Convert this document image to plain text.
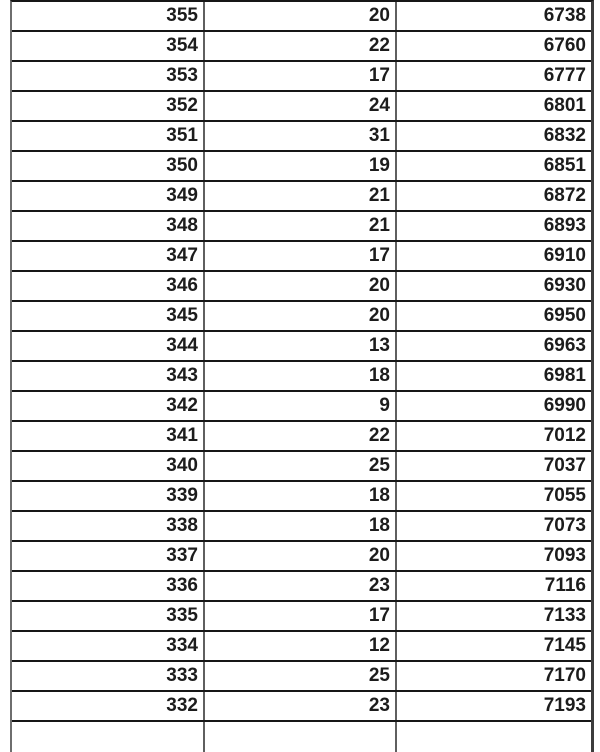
355	20	6738
354	22	6760
353	17	6777
352	24	6801
351	31	6832
350	19	6851
349	21	6872
348	21	6893
347	17	6910
346	20	6930
345	20	6950
344	13	6963
343	18	6981
342	9	6990
341	22	7012
340	25	7037
339	18	7055
338	18	7073
337	20	7093
336	23	7116
335	17	7133
334	12	7145
333	25	7170
332	23	7193
